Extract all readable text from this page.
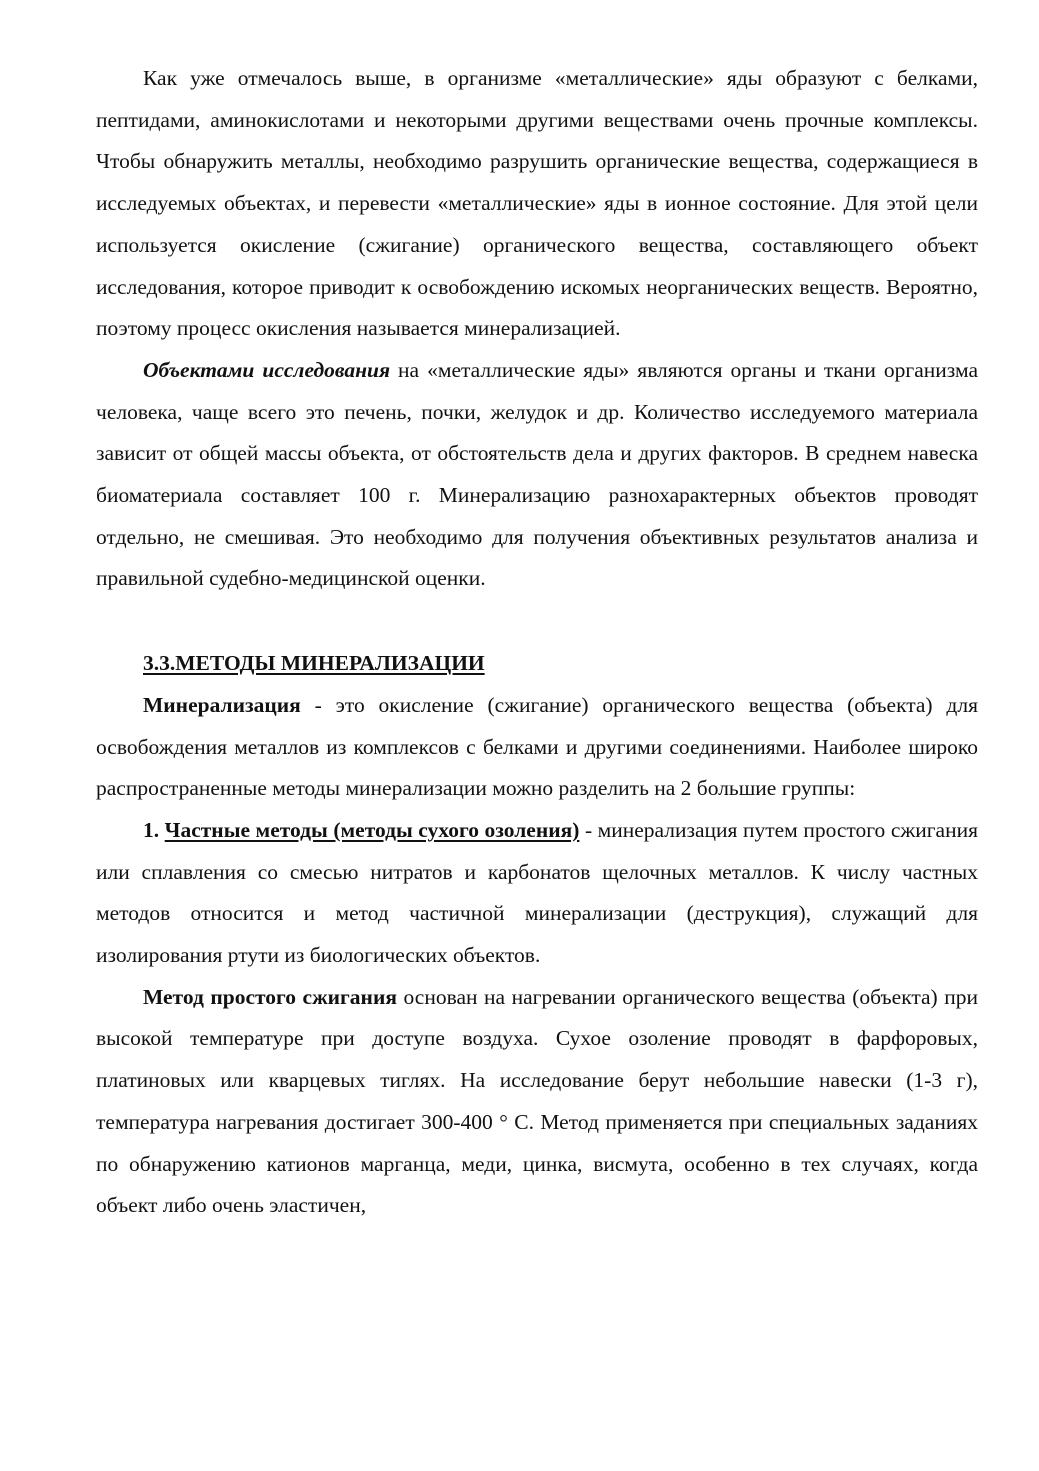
Как уже отмечалось выше, в организме «металлические» яды образуют с белками, пептидами, аминокислотами и некоторыми другими веществами очень прочные комплексы. Чтобы обнаружить металлы, необходимо разрушить органические вещества, содержащиеся в исследуемых объектах, и перевести «металлические» яды в ионное состояние. Для этой цели используется окисление (сжигание) органического вещества, составляющего объект исследования, которое приводит к освобождению искомых неорганических веществ. Вероятно, поэтому процесс окисления называется минерализацией.

Объектами исследования на «металлические яды» являются органы и ткани организма человека, чаще всего это печень, почки, желудок и др. Количество исследуемого материала зависит от общей массы объекта, от обстоятельств дела и других факторов. В среднем навеска биоматериала составляет 100 г. Минерализацию разнохарактерных объектов проводят отдельно, не смешивая. Это необходимо для получения объективных результатов анализа и правильной судебно-медицинской оценки.

3.3.МЕТОДЫ МИНЕРАЛИЗАЦИИ

Минерализация - это окисление (сжигание) органического вещества (объекта) для освобождения металлов из комплексов с белками и другими соединениями. Наиболее широко распространенные методы минерализации можно разделить на 2 большие группы:

1. Частные методы (методы сухого озоления) - минерализация путем простого сжигания или сплавления со смесью нитратов и карбонатов щелочных металлов. К числу частных методов относится и метод частичной минерализации (деструкция), служащий для изолирования ртути из биологических объектов.

Метод простого сжигания основан на нагревании органического вещества (объекта) при высокой температуре при доступе воздуха. Сухое озоление проводят в фарфоровых, платиновых или кварцевых тиглях. На исследование берут небольшие навески (1-3 г), температура нагревания достигает 300-400 ° С. Метод применяется при специальных заданиях по обнаружению катионов марганца, меди, цинка, висмута, особенно в тех случаях, когда объект либо очень эластичен,
